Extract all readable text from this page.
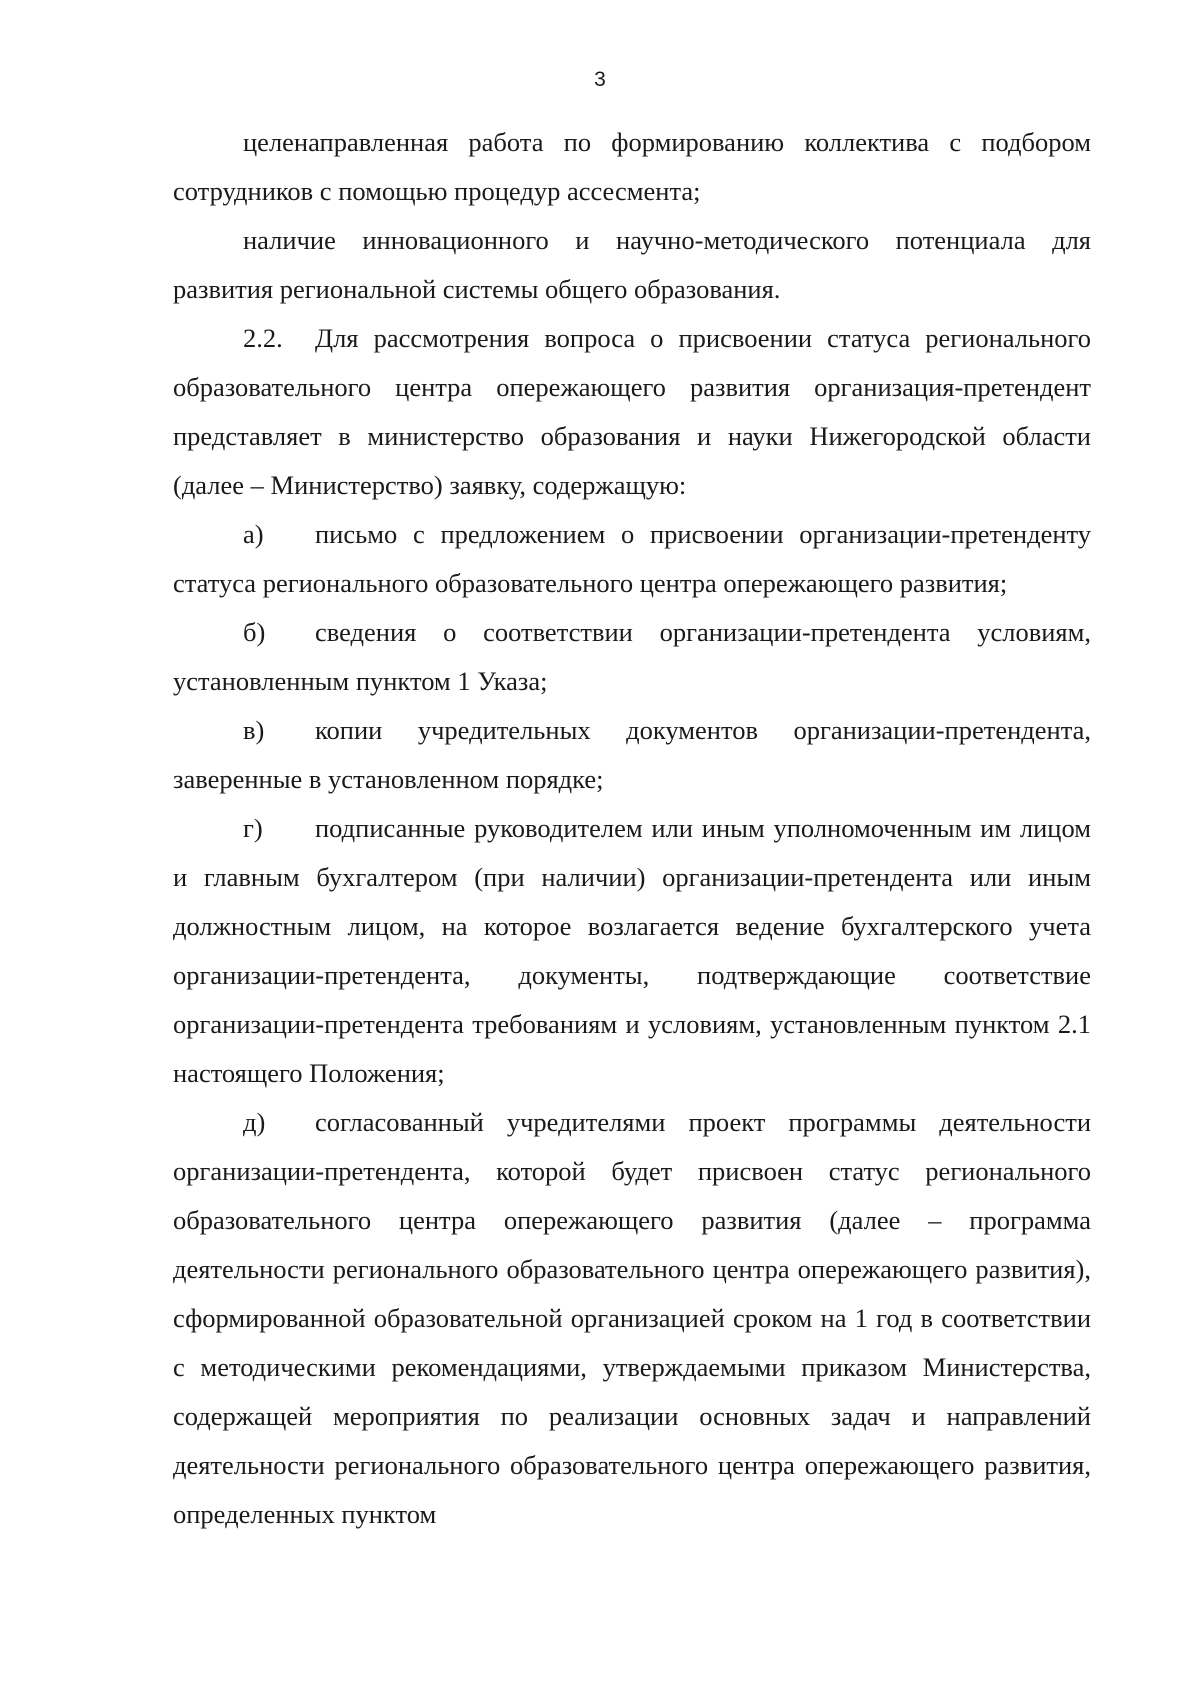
3

целенаправленная работа по формированию коллектива с подбором сотрудников с помощью процедур ассесмента;

наличие инновационного и научно-методического потенциала для развития региональной системы общего образования.

2.2. Для рассмотрения вопроса о присвоении статуса регионального образовательного центра опережающего развития организация-претендент представляет в министерство образования и науки Нижегородской области (далее – Министерство) заявку, содержащую:

а) письмо с предложением о присвоении организации-претенденту статуса регионального образовательного центра опережающего развития;

б) сведения о соответствии организации-претендента условиям, установленным пунктом 1 Указа;

в) копии учредительных документов организации-претендента, заверенные в установленном порядке;

г) подписанные руководителем или иным уполномоченным им лицом и главным бухгалтером (при наличии) организации-претендента или иным должностным лицом, на которое возлагается ведение бухгалтерского учета организации-претендента, документы, подтверждающие соответствие организации-претендента требованиям и условиям, установленным пунктом 2.1 настоящего Положения;

д) согласованный учредителями проект программы деятельности организации-претендента, которой будет присвоен статус регионального образовательного центра опережающего развития (далее – программа деятельности регионального образовательного центра опережающего развития), сформированной образовательной организацией сроком на 1 год в соответствии с методическими рекомендациями, утверждаемыми приказом Министерства, содержащей мероприятия по реализации основных задач и направлений деятельности регионального образовательного центра опережающего развития, определенных пунктом
